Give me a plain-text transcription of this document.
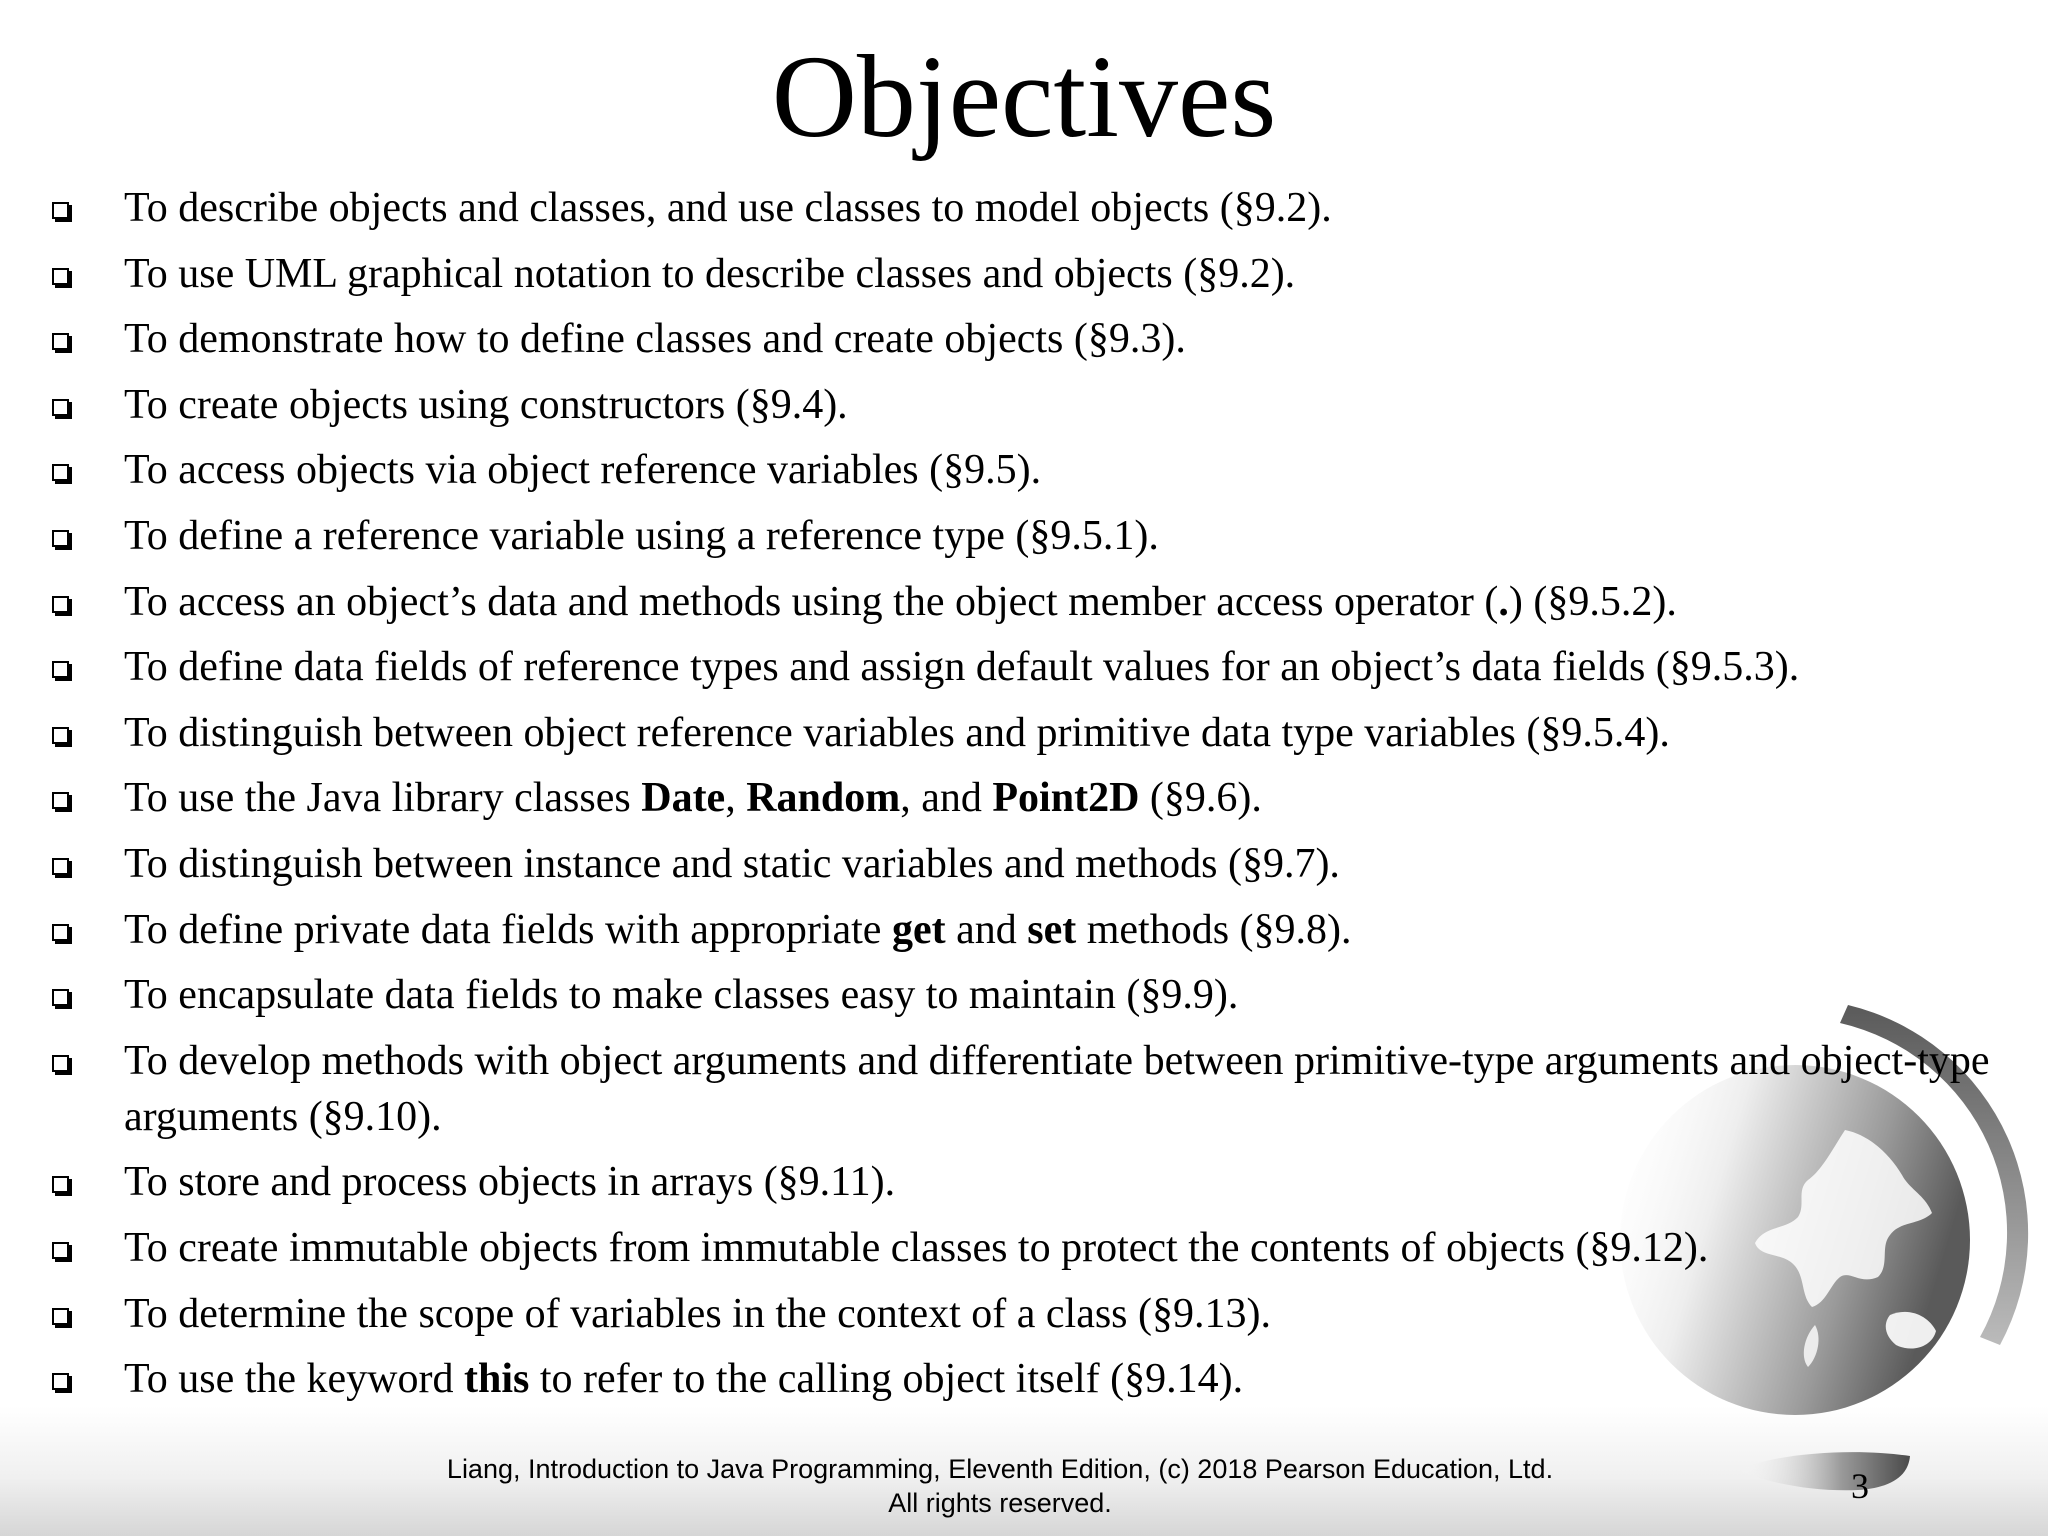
Objectives
To describe objects and classes, and use classes to model objects (§9.2).
To use UML graphical notation to describe classes and objects (§9.2).
To demonstrate how to define classes and create objects (§9.3).
To create objects using constructors (§9.4).
To access objects via object reference variables (§9.5).
To define a reference variable using a reference type (§9.5.1).
To access an object’s data and methods using the object member access operator (.) (§9.5.2).
To define data fields of reference types and assign default values for an object’s data fields (§9.5.3).
To distinguish between object reference variables and primitive data type variables (§9.5.4).
To use the Java library classes Date, Random, and Point2D (§9.6).
To distinguish between instance and static variables and methods (§9.7).
To define private data fields with appropriate get and set methods (§9.8).
To encapsulate data fields to make classes easy to maintain (§9.9).
To develop methods with object arguments and differentiate between primitive-type arguments and object-type arguments (§9.10).
To store and process objects in arrays (§9.11).
To create immutable objects from immutable classes to protect the contents of objects (§9.12).
To determine the scope of variables in the context of a class (§9.13).
To use the keyword this to refer to the calling object itself (§9.14).
Liang, Introduction to Java Programming, Eleventh Edition, (c) 2018 Pearson Education, Ltd.
All rights reserved.	3
